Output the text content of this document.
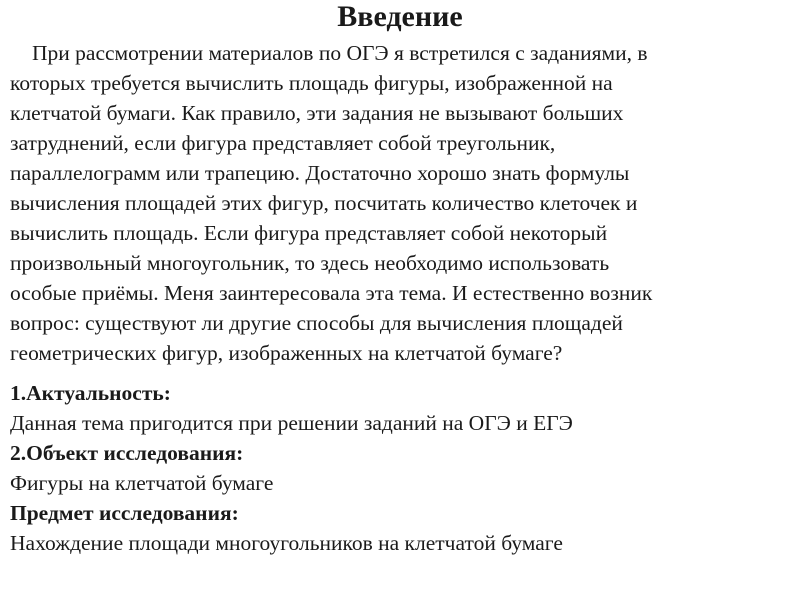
Введение

При рассмотрении материалов по ОГЭ я встретился с заданиями, в
которых требуется вычислить площадь фигуры, изображенной на
клетчатой бумаги. Как правило, эти задания не вызывают больших
затруднений, если фигура представляет собой треугольник,
параллелограмм или трапецию. Достаточно хорошо знать формулы
вычисления площадей этих фигур, посчитать количество клеточек и
вычислить площадь. Если фигура представляет собой некоторый
произвольный многоугольник, то здесь необходимо использовать
особые приёмы. Меня заинтересовала эта тема. И естественно возник
вопрос: существуют ли другие способы для вычисления площадей
геометрических фигур, изображенных на клетчатой бумаге?

1.Актуальность:
Данная тема пригодится при решении заданий на ОГЭ и ЕГЭ
2.Объект исследования:
Фигуры на клетчатой бумаге
Предмет исследования:
Нахождение площади многоугольников на клетчатой бумаге
